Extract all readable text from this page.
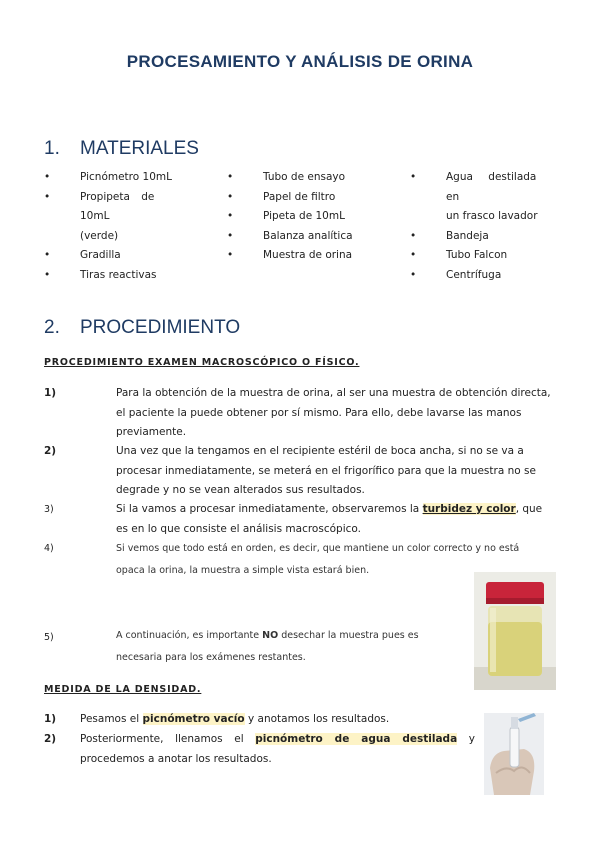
PROCESAMIENTO Y ANÁLISIS DE ORINA
1. MATERIALES
•	Picnómetro 10mL
•	Propipeta de 10mL
(verde)
•	Gradilla
•	Tiras reactivas
•	Tubo de ensayo
•	Papel de filtro
•	Pipeta de 10mL
•	Balanza analítica
•	Muestra de orina
•	Agua destilada en
un frasco lavador
•	Bandeja
•	Tubo Falcon
•	Centrífuga
2. PROCEDIMIENTO
PROCEDIMIENTO EXAMEN MACROSCÓPICO O FÍSICO.
1)	Para la obtención de la muestra de orina, al ser una muestra de obtención directa,
el paciente la puede obtener por sí mismo. Para ello, debe lavarse las manos
previamente.
2)	Una vez que la tengamos en el recipiente estéril de boca ancha, si no se va a
procesar inmediatamente, se meterá en el frigorífico para que la muestra no se
degrade y no se vean alterados sus resultados.
3)	Si la vamos a procesar inmediatamente, observaremos la turbidez y color, que
es en lo que consiste el análisis macroscópico.
4)	Si vemos que todo está en orden, es decir, que mantiene un color correcto y no está
opaca la orina, la muestra a simple vista estará bien.
5)	A continuación, es importante NO desechar la muestra pues es
necesaria para los exámenes restantes.
MEDIDA DE LA DENSIDAD.
1) Pesamos el picnómetro vacío y anotamos los resultados.
2) Posteriormente, llenamos el picnómetro de agua destilada y
procedemos a anotar los resultados.
